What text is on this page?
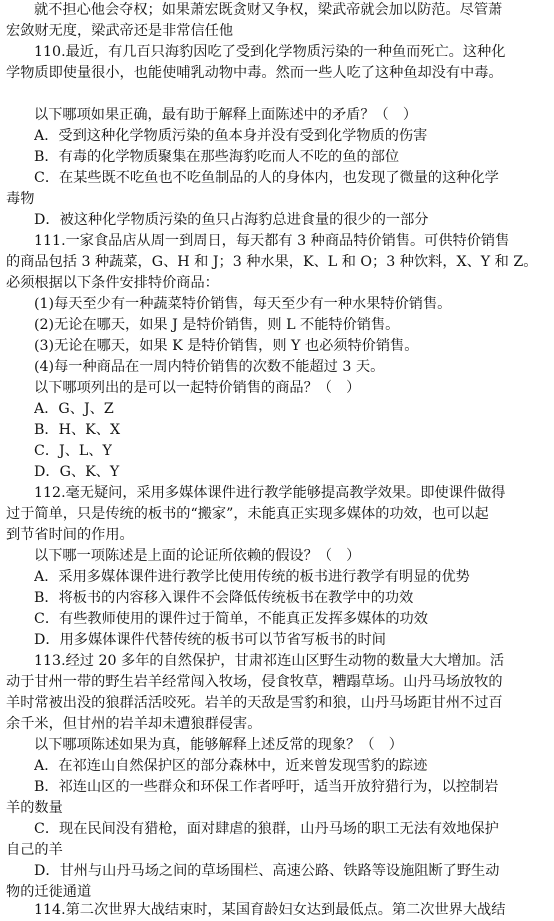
就不担心他会夺权；如果萧宏既贪财又争权，梁武帝就会加以防范。尽管萧
宏敛财无度，梁武帝还是非常信任他
110.最近，有几百只海豹因吃了受到化学物质污染的一种鱼而死亡。这种化
学物质即使量很小，也能使哺乳动物中毒。然而一些人吃了这种鱼却没有中毒。
以下哪项如果正确，最有助于解释上面陈述中的矛盾？（　）
A．受到这种化学物质污染的鱼本身并没有受到化学物质的伤害
B．有毒的化学物质聚集在那些海豹吃而人不吃的鱼的部位
C．在某些既不吃鱼也不吃鱼制品的人的身体内，也发现了微量的这种化学
毒物
D．被这种化学物质污染的鱼只占海豹总进食量的很少的一部分
111.一家食品店从周一到周日，每天都有 3 种商品特价销售。可供特价销售
的商品包括 3 种蔬菜，G、H 和 J；3 种水果，K、L 和 O；3 种饮料，X、Y 和 Z。
必须根据以下条件安排特价商品：
(1)每天至少有一种蔬菜特价销售，每天至少有一种水果特价销售。
(2)无论在哪天，如果 J 是特价销售，则 L 不能特价销售。
(3)无论在哪天，如果 K 是特价销售，则 Y 也必须特价销售。
(4)每一种商品在一周内特价销售的次数不能超过 3 天。
以下哪项列出的是可以一起特价销售的商品？（　）
A．G、J、Z
B．H、K、X
C．J、L、Y
D．G、K、Y
112.毫无疑问，采用多媒体课件进行教学能够提高教学效果。即使课件做得
过于简单，只是传统的板书的“搬家”，未能真正实现多媒体的功效，也可以起
到节省时间的作用。
以下哪一项陈述是上面的论证所依赖的假设？（　）
A．采用多媒体课件进行教学比使用传统的板书进行教学有明显的优势
B．将板书的内容移入课件不会降低传统板书在教学中的功效
C．有些教师使用的课件过于简单，不能真正发挥多媒体的功效
D．用多媒体课件代替传统的板书可以节省写板书的时间
113.经过 20 多年的自然保护，甘肃祁连山区野生动物的数量大大增加。活
动于甘州一带的野生岩羊经常闯入牧场，侵食牧草，糟蹋草场。山丹马场放牧的
羊时常被出没的狼群活活咬死。岩羊的天敌是雪豹和狼，山丹马场距甘州不过百
余千米，但甘州的岩羊却未遭狼群侵害。
以下哪项陈述如果为真，能够解释上述反常的现象？（　）
A．在祁连山自然保护区的部分森林中，近来曾发现雪豹的踪迹
B．祁连山区的一些群众和环保工作者呼吁，适当开放狩猎行为，以控制岩
羊的数量
C．现在民间没有猎枪，面对肆虐的狼群，山丹马场的职工无法有效地保护
自己的羊
D．甘州与山丹马场之间的草场围栏、高速公路、铁路等设施阻断了野生动
物的迁徙通道
114.第二次世界大战结束时，某国育龄妇女达到最低点。第二次世界大战结
